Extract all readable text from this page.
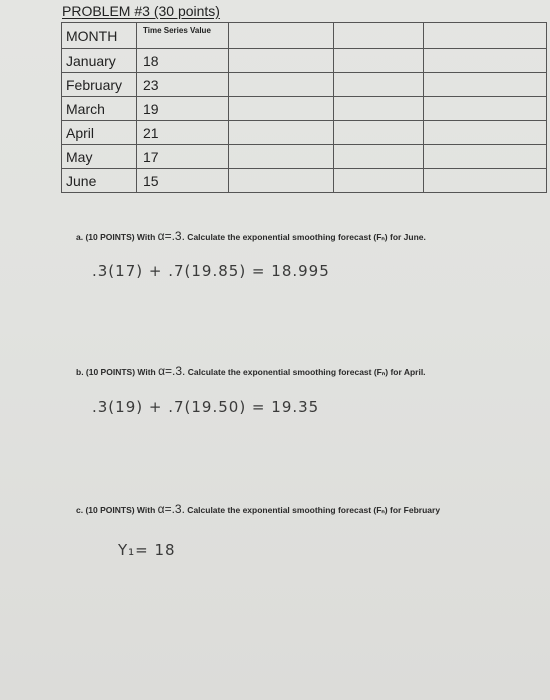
PROBLEM #3 (30 points)
MONTH	Time Series Value			
January	18			
February	23			
March	19			
April	21			
May	17			
June	15			
a. (10 POINTS) With α=.3. Calculate the exponential smoothing forecast (Fₙ) for June.
.3(17) + .7(19.85) = 18.995
b. (10 POINTS) With α=.3. Calculate the exponential smoothing forecast (Fₙ) for April.
.3(19) + .7(19.50) = 19.35
c. (10 POINTS) With α=.3. Calculate the exponential smoothing forecast (Fₙ) for February
Y₁= 18
